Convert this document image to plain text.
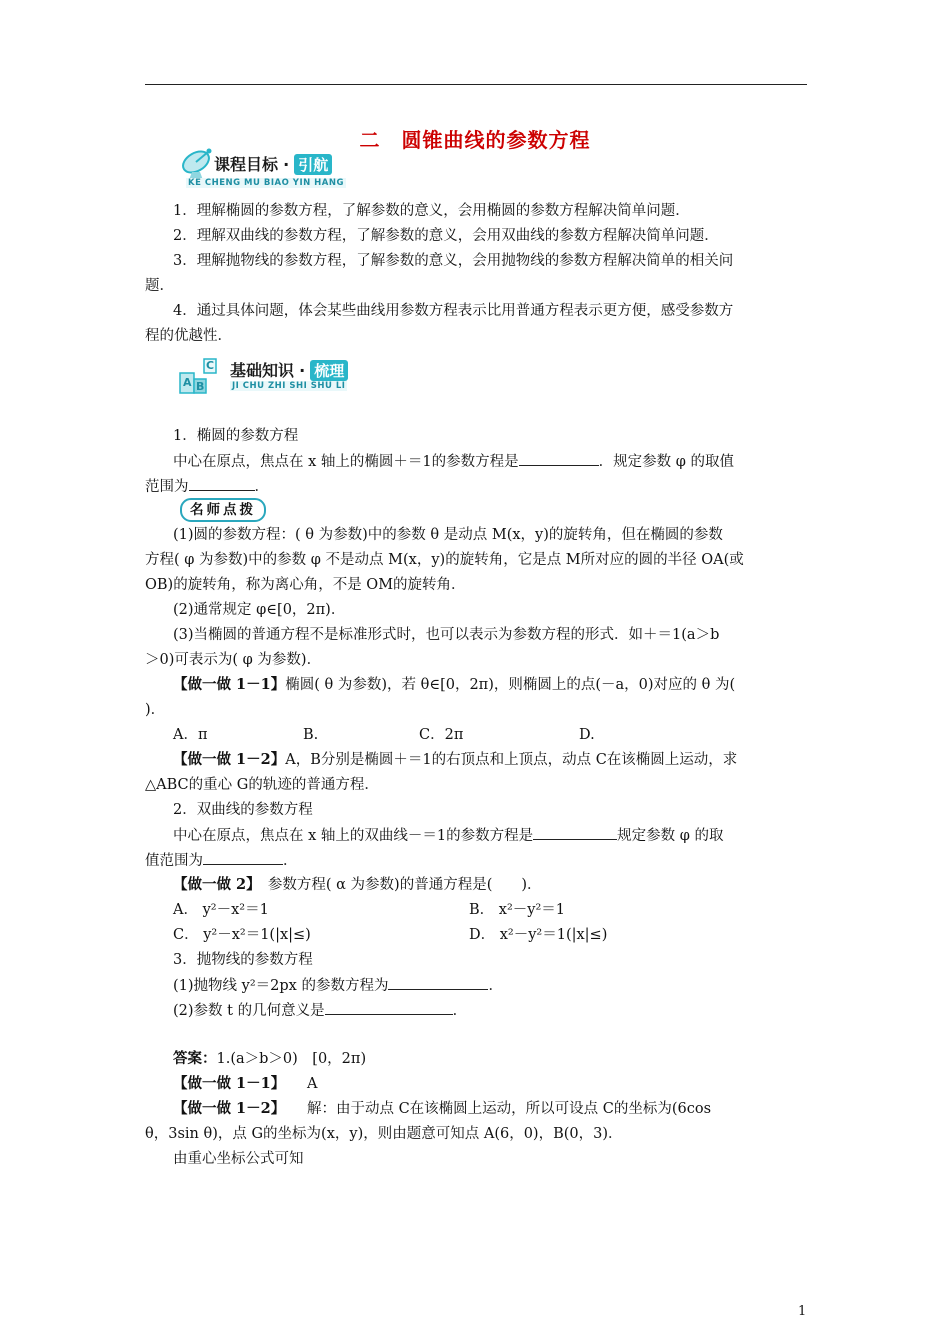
二　圆锥曲线的参数方程
课程目标 · 引航
KE CHENG MU BIAO YIN HANG
1．理解椭圆的参数方程，了解参数的意义，会用椭圆的参数方程解决简单问题．
2．理解双曲线的参数方程，了解参数的意义，会用双曲线的参数方程解决简单问题．
3．理解抛物线的参数方程，了解参数的意义，会用抛物线的参数方程解决简单的相关问
题．
4．通过具体问题，体会某些曲线用参数方程表示比用普通方程表示更方便，感受参数方
程的优越性．
A B
C 基础知识 · 梳理
JI CHU ZHI SHI SHU LI
1．椭圆的参数方程
中心在原点，焦点在 x 轴上的椭圆＋＝1的参数方程是	．规定参数 φ 的取值
范围为	．
名师点拨
(1)圆的参数方程：( θ 为参数)中的参数 θ 是动点 M(x，y)的旋转角，但在椭圆的参数
方程( φ 为参数)中的参数 φ 不是动点 M(x，y)的旋转角，它是点 M所对应的圆的半径 OA(或
OB)的旋转角，称为离心角，不是 OM的旋转角．
(2)通常规定 φ∈[0，2π)．
(3)当椭圆的普通方程不是标准形式时，也可以表示为参数方程的形式．如＋＝1(a＞b
＞0)可表示为( φ 为参数)．
【做一做 1－1】椭圆( θ 为参数)，若 θ∈[0，2π)，则椭圆上的点(－a，0)对应的 θ 为(
)．
A．π	B.	C．2π	D.
【做一做 1－2】A，B分别是椭圆＋＝1的右顶点和上顶点，动点 C在该椭圆上运动，求
△ABC的重心 G的轨迹的普通方程．
2．双曲线的参数方程
中心在原点，焦点在 x 轴上的双曲线－＝1的参数方程是	规定参数 φ 的取
值范围为	．
【做一做 2】　 参数方程( α 为参数)的普通方程是(　　)．
A． y²－x²＝1	B． x²－y²＝1
C． y²－x²＝1(|x|≤)	D． x²－y²＝1(|x|≤)
3．抛物线的参数方程
(1)抛物线 y²＝2px 的参数方程为	．
(2)参数 t 的几何意义是	．
答案：1.(a＞b＞0)　[0，2π)
【做一做 1－1】　　 A
【做一做 1－2】　　 解：由于动点 C在该椭圆上运动，所以可设点 C的坐标为(6cos
θ，3sin θ)，点 G的坐标为(x，y)，则由题意可知点 A(6，0)，B(0，3)．
由重心坐标公式可知
1
